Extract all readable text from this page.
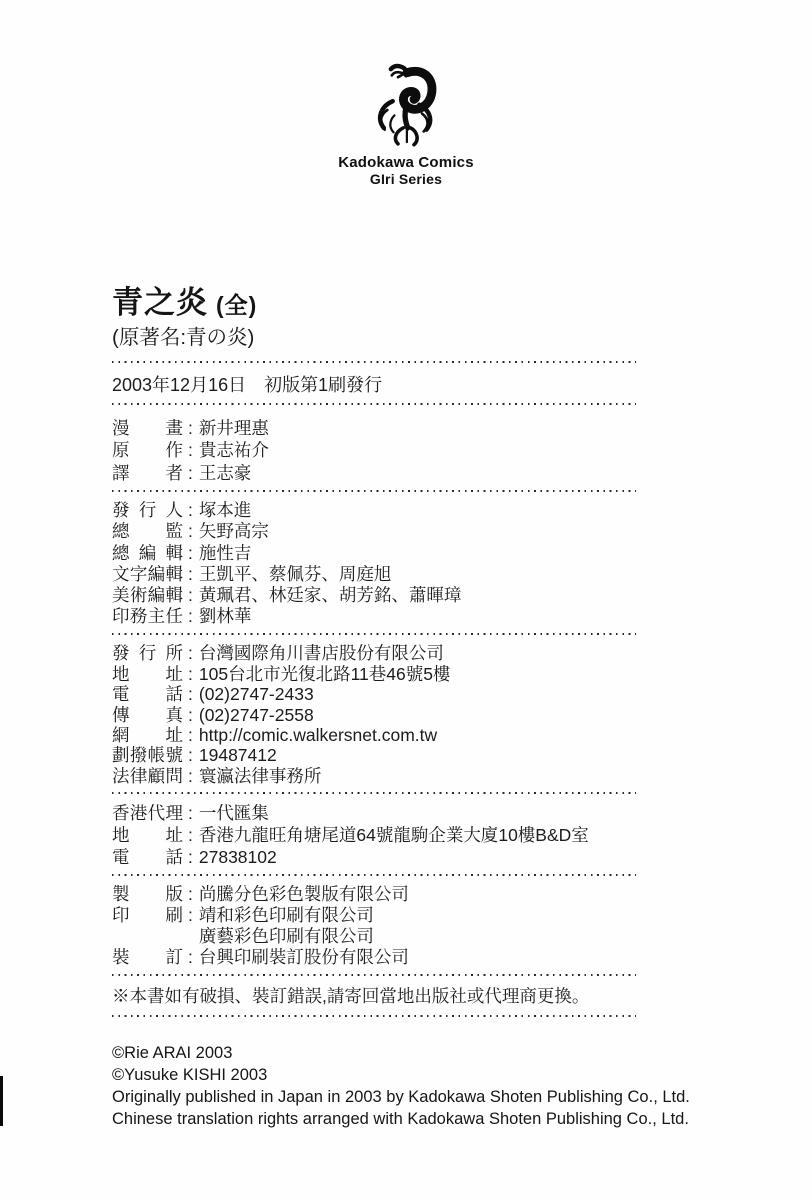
Kadokawa Comics
GIri Series
青之炎 (全)
(原著名:青の炎)
2003年12月16日　初版第1刷發行
漫畫 : 新井理惠
原作 : 貴志祐介
譯者 : 王志豪
發行人 : 塚本進
總監 : 矢野高宗
總編輯 : 施性吉
文字編輯 : 王凱平、蔡佩芬、周庭旭
美術編輯 : 黃珮君、林廷家、胡芳銘、蕭暉璋
印務主任 : 劉林華
發行所 : 台灣國際角川書店股份有限公司
地址 : 105台北市光復北路11巷46號5樓
電話 : (02)2747-2433
傳真 : (02)2747-2558
網址 : http://comic.walkersnet.com.tw
劃撥帳號 : 19487412
法律顧問 : 寰瀛法律事務所
香港代理 : 一代匯集
地址 : 香港九龍旺角塘尾道64號龍駒企業大廈10樓B&D室
電話 : 27838102
製版 : 尚騰分色彩色製版有限公司
印刷 : 靖和彩色印刷有限公司
廣藝彩色印刷有限公司
裝訂 : 台興印刷裝訂股份有限公司
※本書如有破損、裝訂錯誤,請寄回當地出版社或代理商更換。
©Rie ARAI 2003
©Yusuke KISHI 2003
Originally published in Japan in 2003 by Kadokawa Shoten Publishing Co., Ltd.
Chinese translation rights arranged with Kadokawa Shoten Publishing Co., Ltd.
